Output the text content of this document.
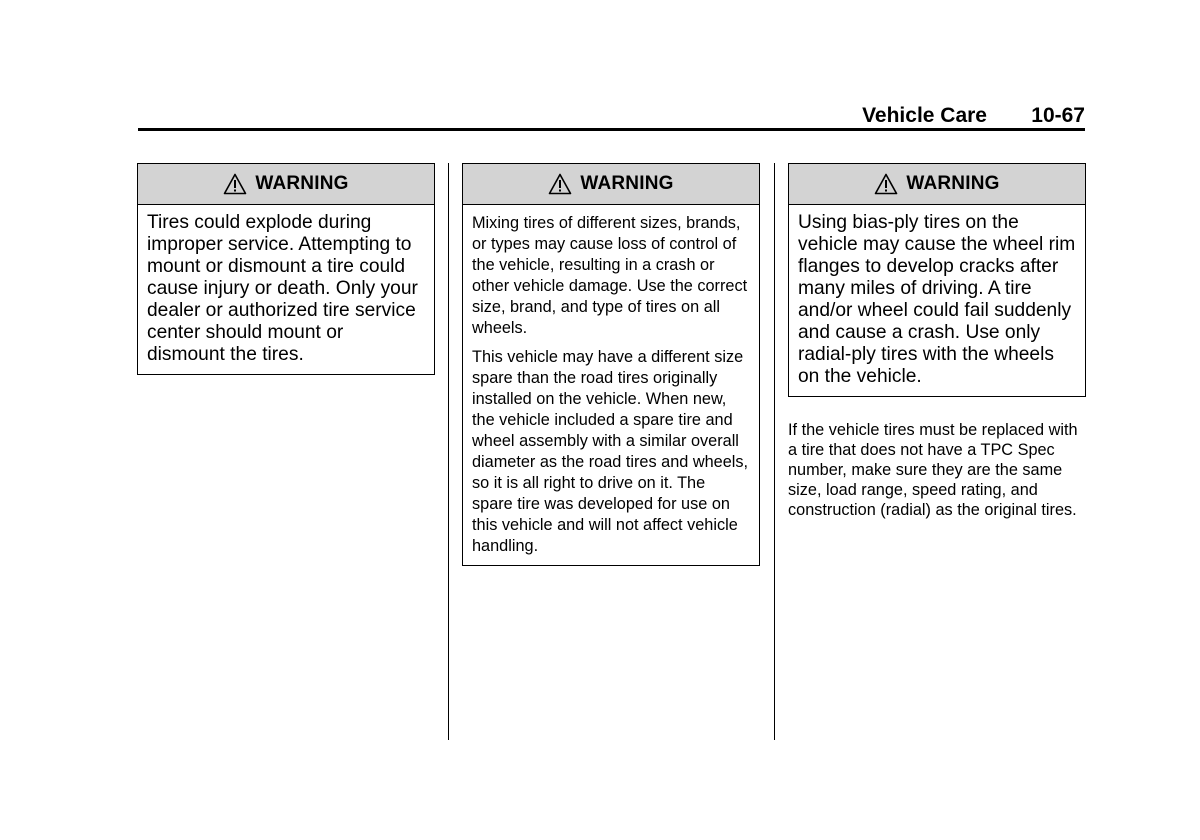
Vehicle Care 10-67
WARNING
Tires could explode during improper service. Attempting to mount or dismount a tire could cause injury or death. Only your dealer or authorized tire service center should mount or dismount the tires.
WARNING

Mixing tires of different sizes, brands, or types may cause loss of control of the vehicle, resulting in a crash or other vehicle damage. Use the correct size, brand, and type of tires on all wheels.

This vehicle may have a different size spare than the road tires originally installed on the vehicle. When new, the vehicle included a spare tire and wheel assembly with a similar overall diameter as the road tires and wheels, so it is all right to drive on it. The spare tire was developed for use on this vehicle and will not affect vehicle handling.

WARNING
Using bias-ply tires on the vehicle may cause the wheel rim flanges to develop cracks after many miles of driving. A tire and/or wheel could fail suddenly and cause a crash. Use only radial-ply tires with the wheels on the vehicle.
If the vehicle tires must be replaced with a tire that does not have a TPC Spec number, make sure they are the same size, load range, speed rating, and construction (radial) as the original tires.
